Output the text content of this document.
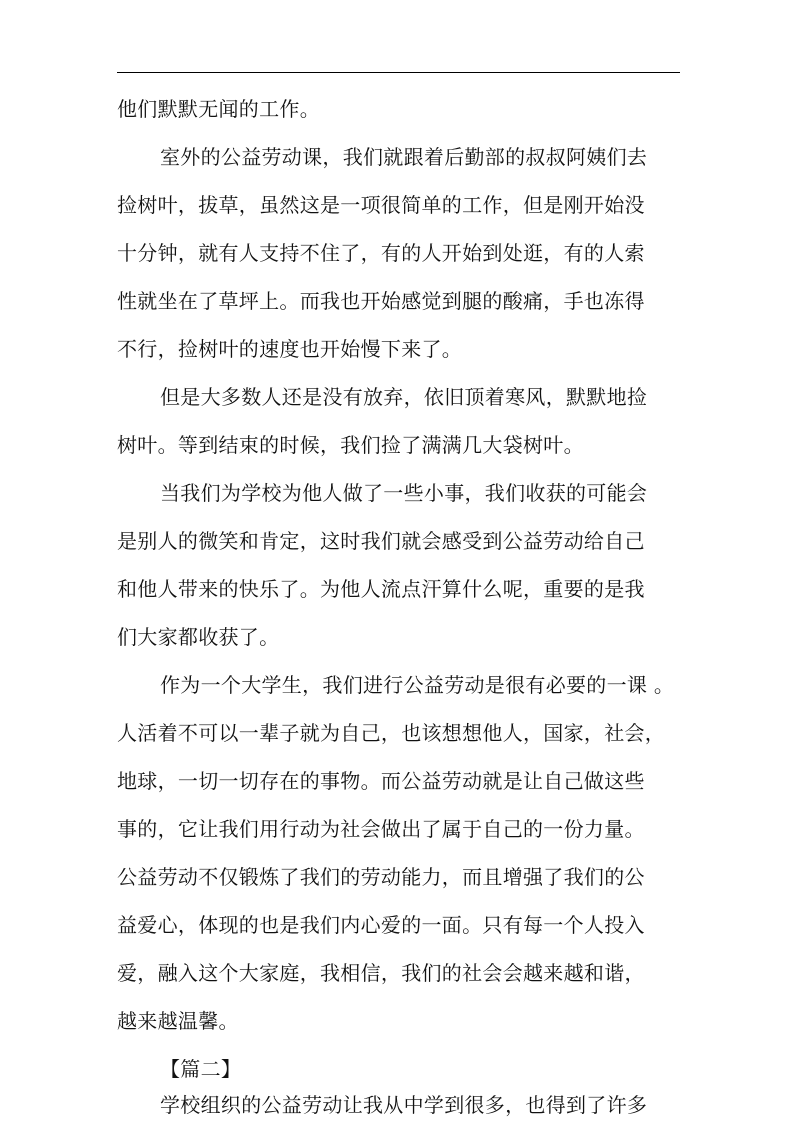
他们默默无闻的工作。
室外的公益劳动课，我们就跟着后勤部的叔叔阿姨们去
捡树叶，拔草，虽然这是一项很简单的工作，但是刚开始没
十分钟，就有人支持不住了，有的人开始到处逛，有的人索
性就坐在了草坪上。而我也开始感觉到腿的酸痛，手也冻得
不行，捡树叶的速度也开始慢下来了。
但是大多数人还是没有放弃，依旧顶着寒风，默默地捡
树叶。等到结束的时候，我们捡了满满几大袋树叶。
当我们为学校为他人做了一些小事，我们收获的可能会
是别人的微笑和肯定，这时我们就会感受到公益劳动给自己
和他人带来的快乐了。为他人流点汗算什么呢，重要的是我
们大家都收获了。
作为一个大学生，我们进行公益劳动是很有必要的一课 。
人活着不可以一辈子就为自己，也该想想他人，国家，社会，
地球，一切一切存在的事物。而公益劳动就是让自己做这些
事的，它让我们用行动为社会做出了属于自己的一份力量。
公益劳动不仅锻炼了我们的劳动能力，而且增强了我们的公
益爱心，体现的也是我们内心爱的一面。只有每一个人投入
爱，融入这个大家庭，我相信，我们的社会会越来越和谐，
越来越温馨。
【篇二】
学校组织的公益劳动让我从中学到很多，也得到了许多
